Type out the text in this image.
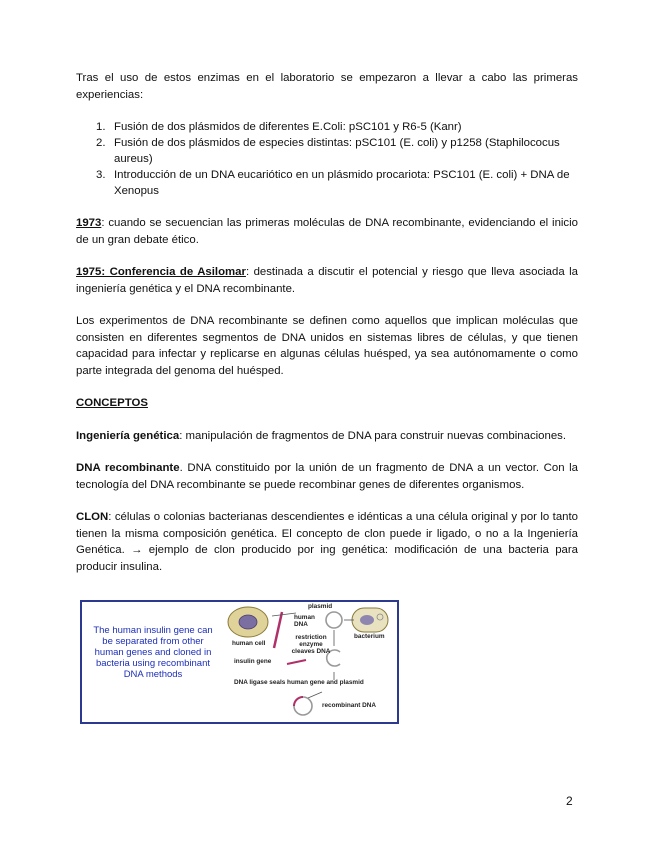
Tras el uso de estos enzimas en el laboratorio se empezaron a llevar a cabo las primeras experiencias:

1. Fusión de dos plásmidos de diferentes E.Coli: pSC101 y R6-5 (Kanr)
2. Fusión de dos plásmidos de especies distintas: pSC101 (E. coli) y p1258 (Staphilococus aureus)
3. Introducción de un DNA eucariótico en un plásmido procariota: PSC101 (E. coli) + DNA de Xenopus

1973: cuando se secuencian las primeras moléculas de DNA recombinante, evidenciando el inicio de un gran debate ético.

1975: Conferencia de Asilomar: destinada a discutir el potencial y riesgo que lleva asociada la ingeniería genética y el DNA recombinante.

Los experimentos de DNA recombinante se definen como aquellos que implican moléculas que consisten en diferentes segmentos de DNA unidos en sistemas libres de células, y que tienen capacidad para infectar y replicarse en algunas células huésped, ya sea autónomamente o como parte integrada del genoma del huésped.

CONCEPTOS

Ingeniería genética: manipulación de fragmentos de DNA para construir nuevas combinaciones.

DNA recombinante. DNA constituido por la unión de un fragmento de DNA a un vector. Con la tecnología del DNA recombinante se puede recombinar genes de diferentes organismos.

CLON: células o colonias bacterianas descendientes e idénticas a una célula original y por lo tanto tienen la misma composición genética. El concepto de clon puede ir ligado, o no a la Ingeniería Genética. → ejemplo de clon producido por ing genética: modificación de una bacteria para producir insulina.

The human insulin gene can be separated from other human genes and cloned in bacteria using recombinant DNA methods
plasmid
human DNA
human cell
bacterium
restriction enzyme cleaves DNA
insulin gene
DNA ligase seals human gene and plasmid
recombinant DNA
2
